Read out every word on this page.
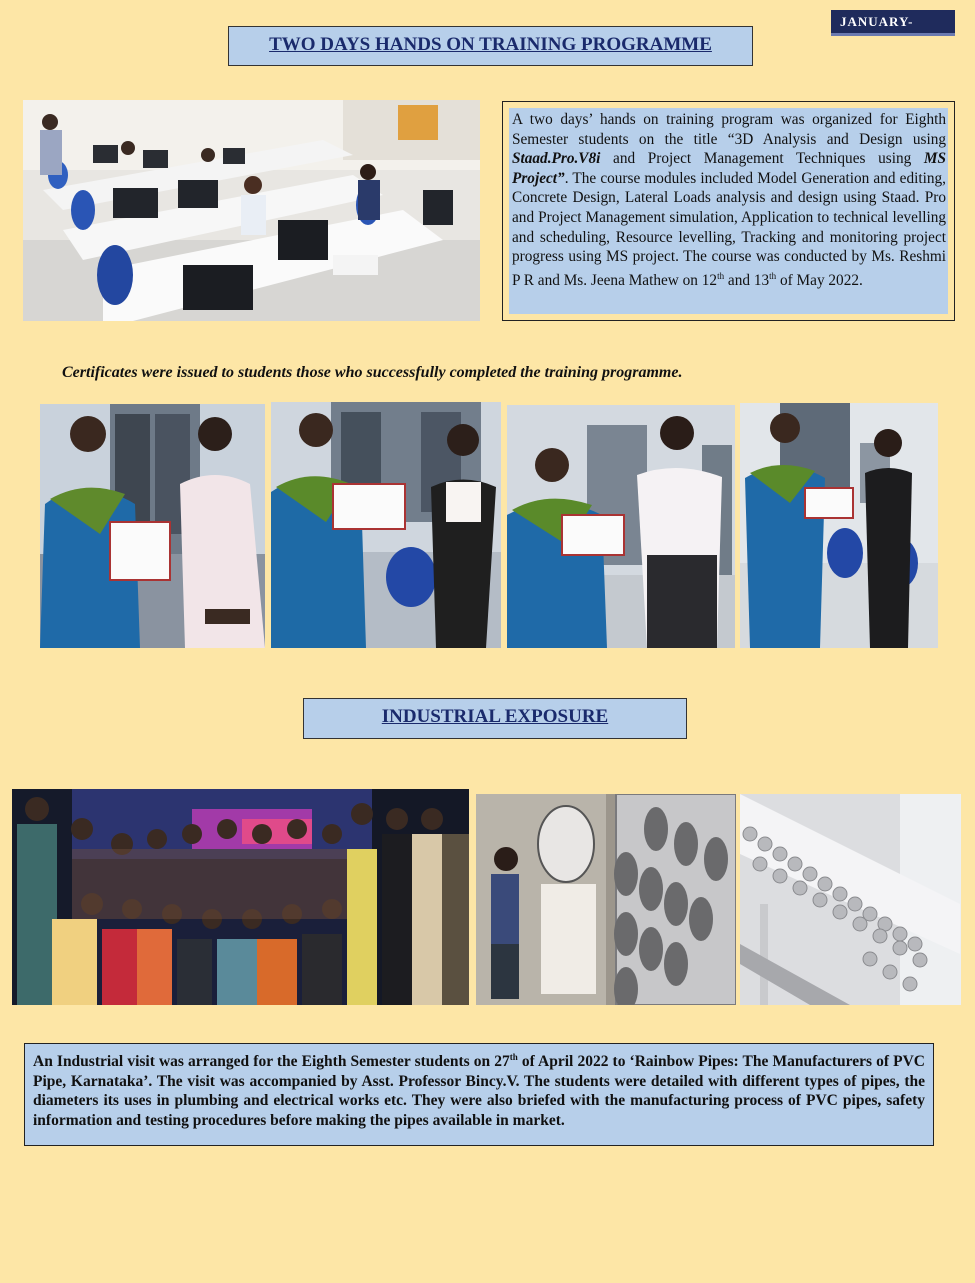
JANUARY-
TWO DAYS HANDS ON TRAINING PROGRAMME
A two days’ hands on training program was organized for Eighth Semester students on the title “3D Analysis and Design using Staad.Pro.V8i and Project Management Techniques using MS Project”. The course modules included Model Generation and editing, Concrete Design, Lateral Loads analysis and design using Staad. Pro and Project Management simulation, Application to technical levelling and scheduling, Resource levelling, Tracking and monitoring project progress using MS project. The course was conducted by Ms. Reshmi P R and Ms. Jeena Mathew on 12th and 13th of May 2022.
Certificates were issued to students those who successfully completed the training programme.
INDUSTRIAL EXPOSURE
An Industrial visit was arranged for the Eighth Semester students on 27th of April 2022 to ‘Rainbow Pipes: The Manufacturers of PVC Pipe, Karnataka’. The visit was accompanied by Asst. Professor Bincy.V. The students were detailed with different types of pipes, the diameters its uses in plumbing and electrical works etc. They were also briefed with the manufacturing process of PVC pipes, safety information and testing procedures before making the pipes available in market.
